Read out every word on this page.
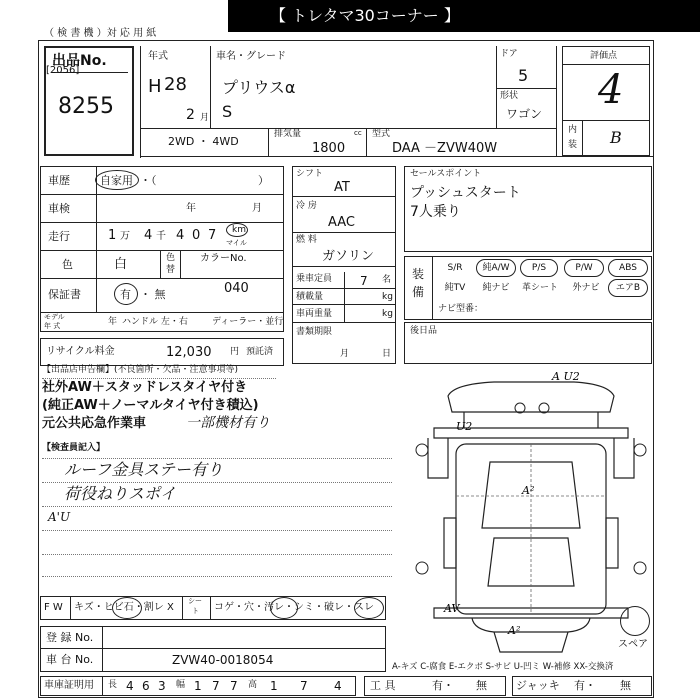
【 トレタマ30コーナー 】
（ 検 書 機 ）対 応 用 紙
出品No.
[2056]
8255
年式
H 28
2 月
車名・グレード
プリウスα
S
ドア
5
形状
ワゴン
評価点
4
内
装 B
2WD ・ 4WD
排気量	cc
1800
型式
DAA －ZVW40W
車歴	自家用 ・（	）
車検	年	月
走行	1 万 4 千 4 0 7 km
マイル
色	白	色
替
カラーNo.
040
保証書	有 ・ 無
モデル
年 式	年 ハンドル 左・右	ディーラー・並行
リサイクル料金	12,030 円 預託済
シフト
AT
冷 房
AAC
燃 料
ガソリン
乗車定員 7 名
積載量	kg
車両重量	kg
書類期限
月	日
セールスポイント
プッシュスタート
7人乗り
装
備
S/R	純A/W	P/S	P/W	ABS
純TV	純ナビ	革シート	外ナビ	エアB
ナビ型番：
後日品
【出品店申告欄】(不良箇所・欠品・注意事項等)
社外AW＋スタッドレスタイヤ付き
(純正AW＋ノーマルタイヤ付き積込)
元公共応急作業車	一部機材有り
【検査員記入】
ルーフ金具ステー有り
荷役ねりスポイ
A'U
F W キズ・ヒビ石・割レ X
シー
ト コゲ・穴・汚レ・シミ・破レ・スレ
登 録 No.
車 台 No.	ZVW40-0018054
車庫証明用 長 4 6 3 幅 1 7 7 高 1 7 4	工 具	有・ 無	ジャッキ 有・ 無
A-キズ C-腐食 E-エクボ S-サビ U-凹ミ W-補修 XX-交換済
A U2
U2
A²
AV
A²
スペア
